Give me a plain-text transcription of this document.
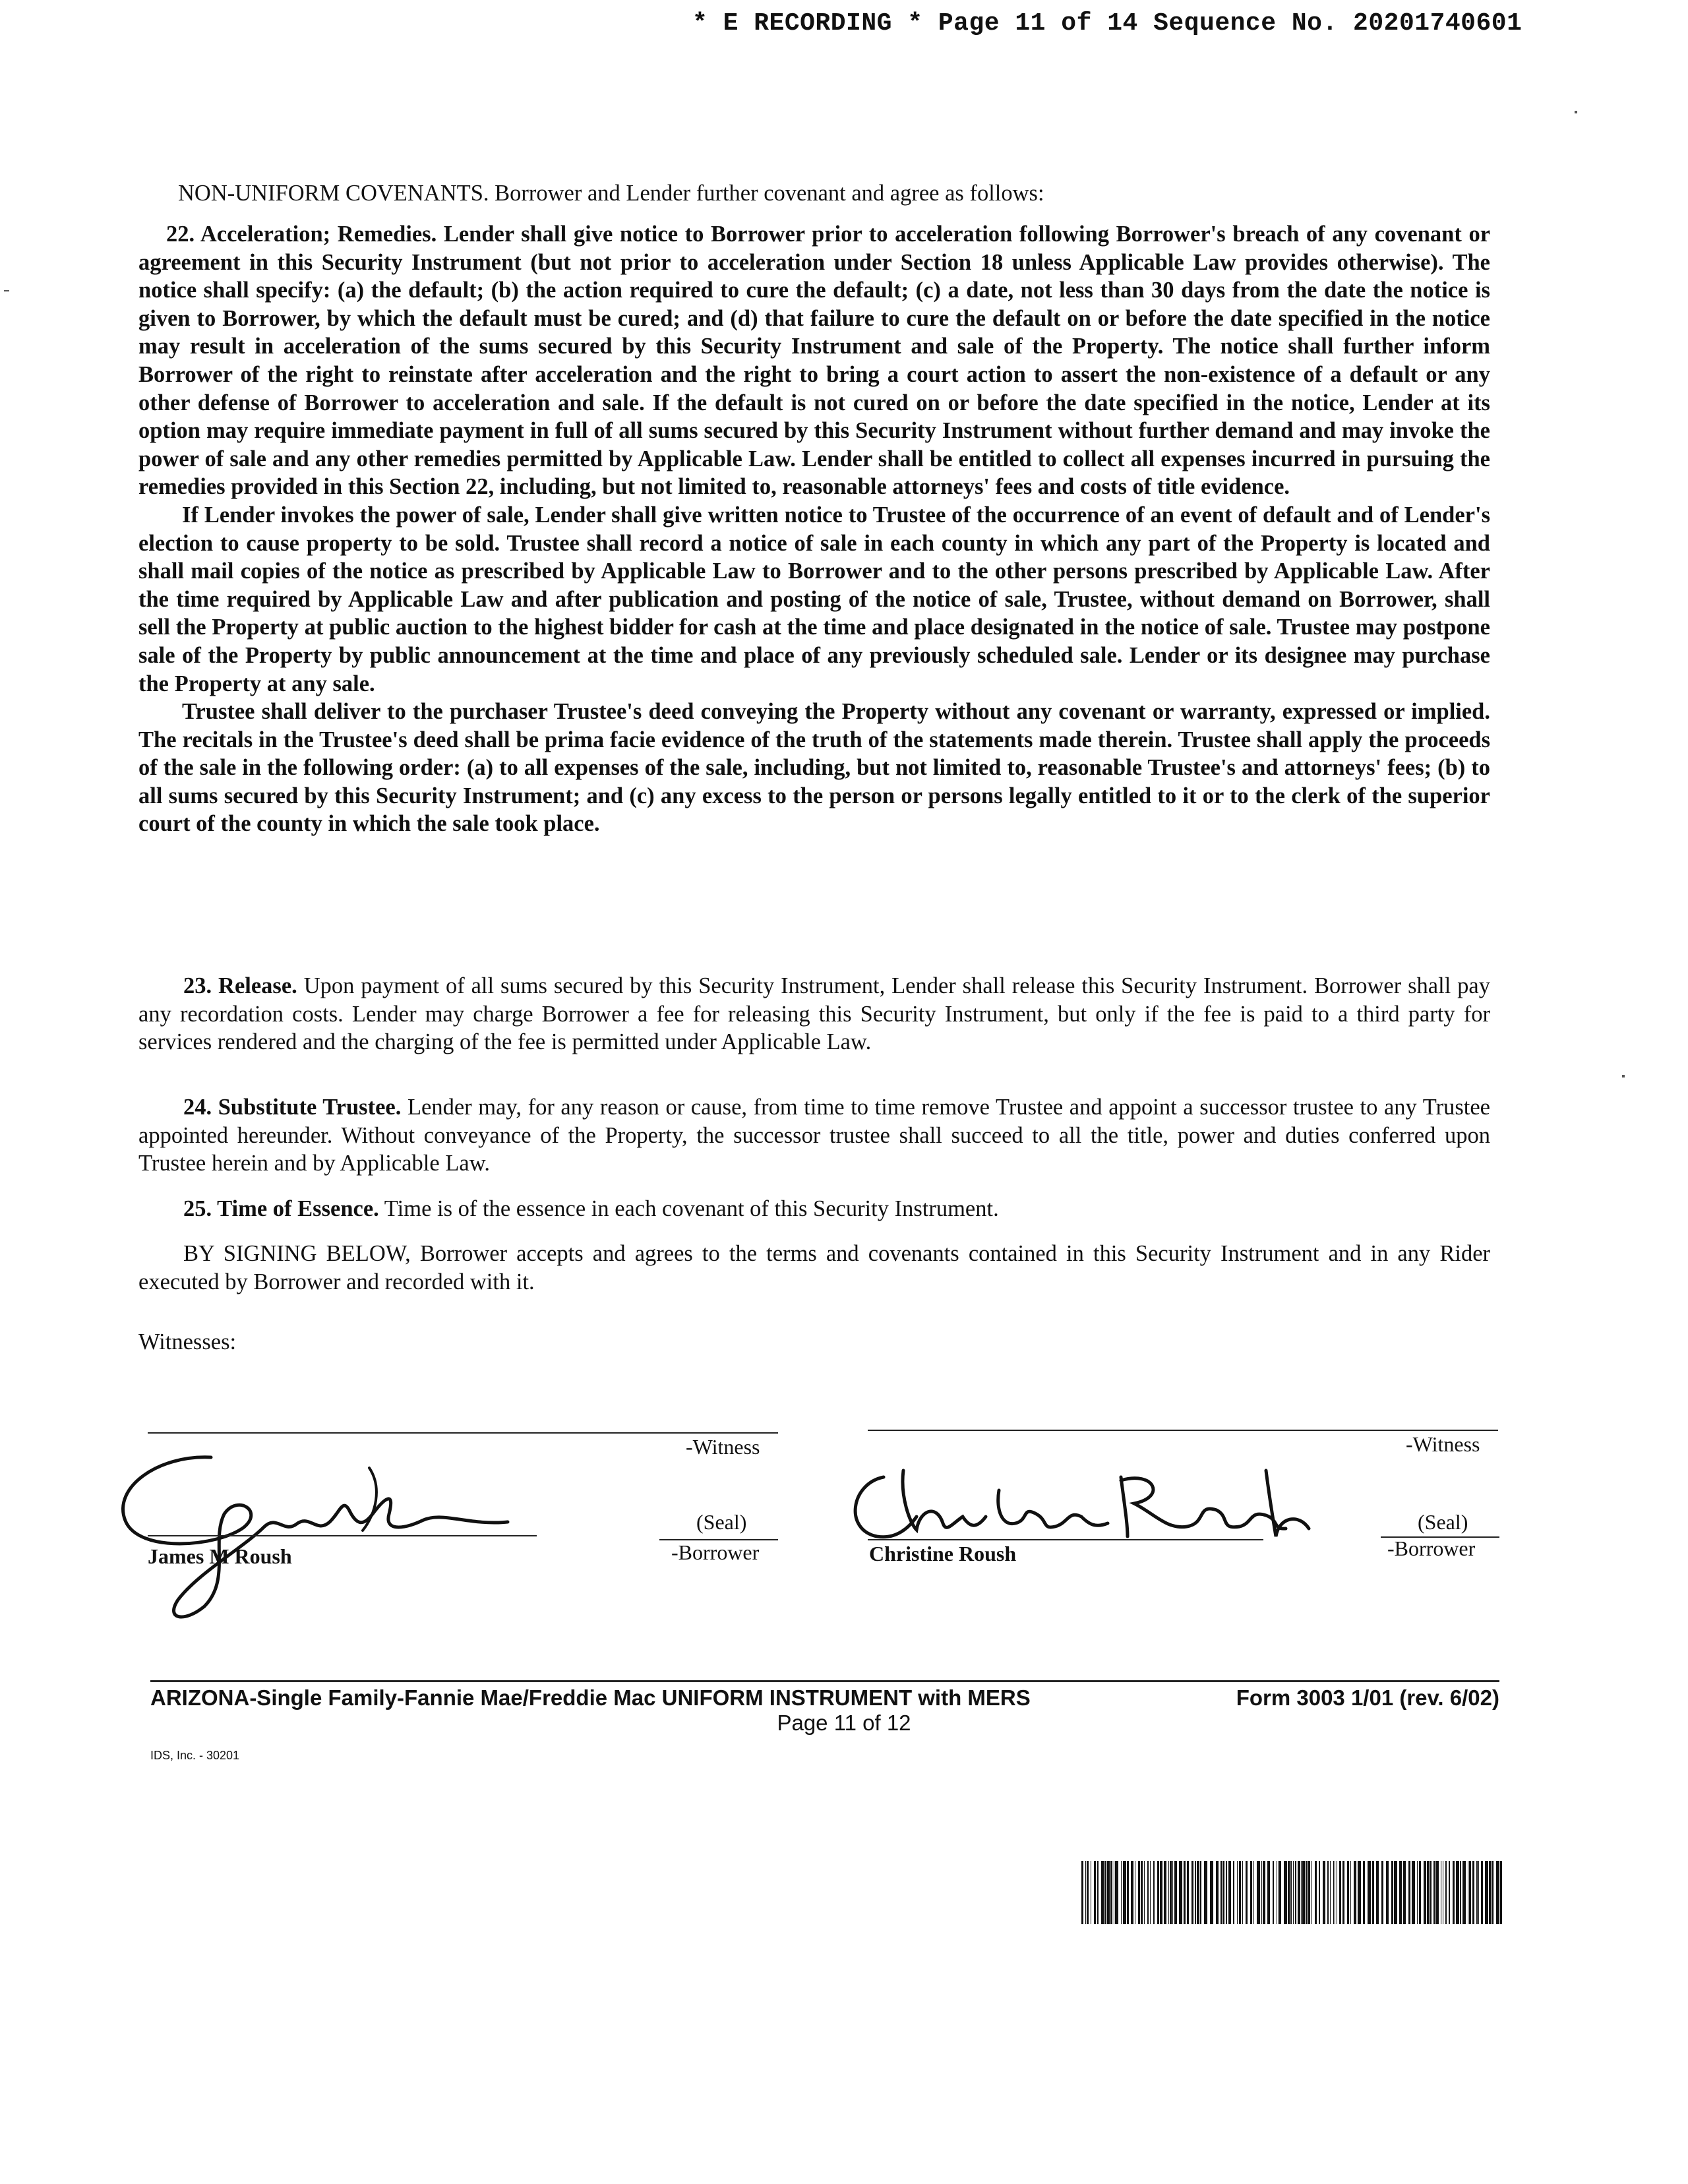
* E RECORDING * Page 11 of 14 Sequence No. 20201740601

NON-UNIFORM COVENANTS. Borrower and Lender further covenant and agree as follows:

22. Acceleration; Remedies. Lender shall give notice to Borrower prior to acceleration following Borrower's breach of any covenant or agreement in this Security Instrument (but not prior to acceleration under Section 18 unless Applicable Law provides otherwise). The notice shall specify: (a) the default; (b) the action required to cure the default; (c) a date, not less than 30 days from the date the notice is given to Borrower, by which the default must be cured; and (d) that failure to cure the default on or before the date specified in the notice may result in acceleration of the sums secured by this Security Instrument and sale of the Property. The notice shall further inform Borrower of the right to reinstate after acceleration and the right to bring a court action to assert the non-existence of a default or any other defense of Borrower to acceleration and sale. If the default is not cured on or before the date specified in the notice, Lender at its option may require immediate payment in full of all sums secured by this Security Instrument without further demand and may invoke the power of sale and any other remedies permitted by Applicable Law. Lender shall be entitled to collect all expenses incurred in pursuing the remedies provided in this Section 22, including, but not limited to, reasonable attorneys' fees and costs of title evidence.

If Lender invokes the power of sale, Lender shall give written notice to Trustee of the occurrence of an event of default and of Lender's election to cause property to be sold. Trustee shall record a notice of sale in each county in which any part of the Property is located and shall mail copies of the notice as prescribed by Applicable Law to Borrower and to the other persons prescribed by Applicable Law. After the time required by Applicable Law and after publication and posting of the notice of sale, Trustee, without demand on Borrower, shall sell the Property at public auction to the highest bidder for cash at the time and place designated in the notice of sale. Trustee may postpone sale of the Property by public announcement at the time and place of any previously scheduled sale. Lender or its designee may purchase the Property at any sale.

Trustee shall deliver to the purchaser Trustee's deed conveying the Property without any covenant or warranty, expressed or implied. The recitals in the Trustee's deed shall be prima facie evidence of the truth of the statements made therein. Trustee shall apply the proceeds of the sale in the following order: (a) to all expenses of the sale, including, but not limited to, reasonable Trustee's and attorneys' fees; (b) to all sums secured by this Security Instrument; and (c) any excess to the person or persons legally entitled to it or to the clerk of the superior court of the county in which the sale took place.

23. Release. Upon payment of all sums secured by this Security Instrument, Lender shall release this Security Instrument. Borrower shall pay any recordation costs. Lender may charge Borrower a fee for releasing this Security Instrument, but only if the fee is paid to a third party for services rendered and the charging of the fee is permitted under Applicable Law.

24. Substitute Trustee. Lender may, for any reason or cause, from time to time remove Trustee and appoint a successor trustee to any Trustee appointed hereunder. Without conveyance of the Property, the successor trustee shall succeed to all the title, power and duties conferred upon Trustee herein and by Applicable Law.

25. Time of Essence. Time is of the essence in each covenant of this Security Instrument.

BY SIGNING BELOW, Borrower accepts and agrees to the terms and covenants contained in this Security Instrument and in any Rider executed by Borrower and recorded with it.

Witnesses:

-Witness	-Witness
(Seal)
-Borrower
James M Roush
(Seal)
-Borrower
Christine Roush
ARIZONA-Single Family-Fannie Mae/Freddie Mac UNIFORM INSTRUMENT with MERS	Form 3003 1/01 (rev. 6/02)
Page 11 of 12
IDS, Inc. - 30201
